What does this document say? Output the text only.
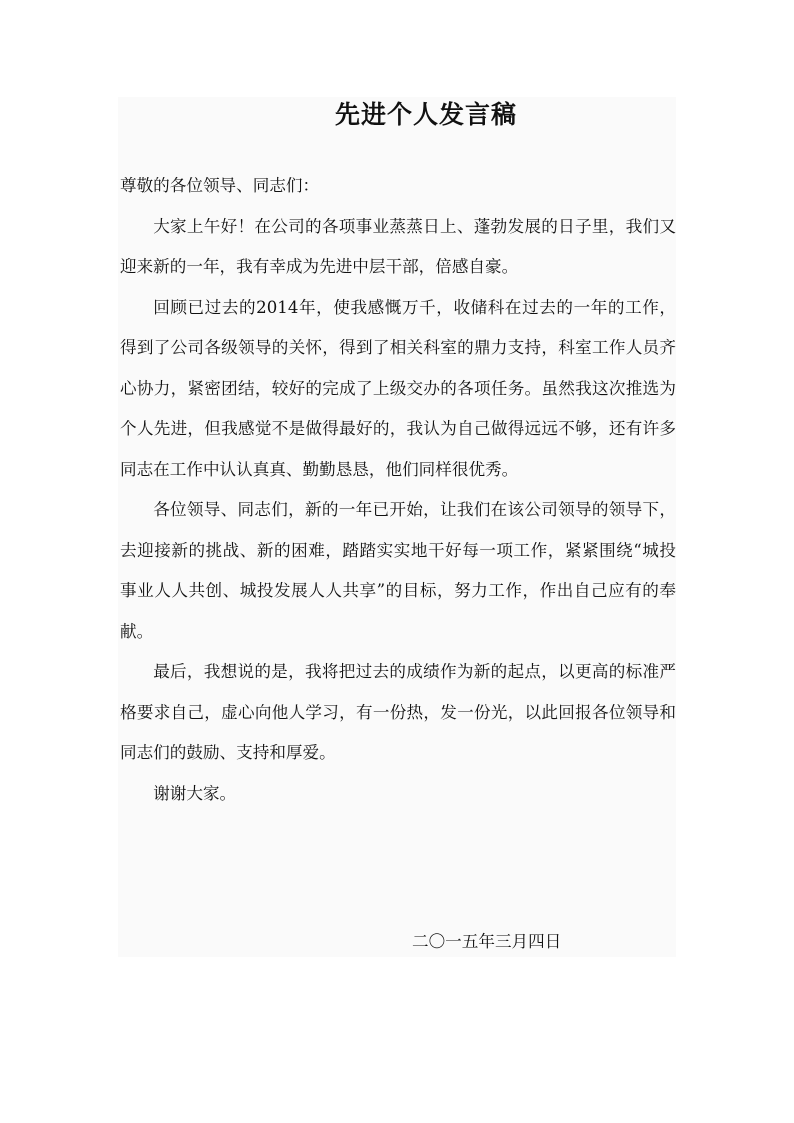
先进个人发言稿

尊敬的各位领导、同志们：

大家上午好！在公司的各项事业蒸蒸日上、蓬勃发展的日子里，我们又迎来新的一年，我有幸成为先进中层干部，倍感自豪。

回顾已过去的2014年，使我感慨万千，收储科在过去的一年的工作，得到了公司各级领导的关怀，得到了相关科室的鼎力支持，科室工作人员齐心协力，紧密团结，较好的完成了上级交办的各项任务。虽然我这次推选为个人先进，但我感觉不是做得最好的，我认为自己做得远远不够，还有许多同志在工作中认认真真、勤勤恳恳，他们同样很优秀。

各位领导、同志们，新的一年已开始，让我们在该公司领导的领导下，去迎接新的挑战、新的困难，踏踏实实地干好每一项工作，紧紧围绕“城投事业人人共创、城投发展人人共享”的目标，努力工作，作出自己应有的奉献。

最后，我想说的是，我将把过去的成绩作为新的起点，以更高的标准严格要求自己，虚心向他人学习，有一份热，发一份光，以此回报各位领导和同志们的鼓励、支持和厚爱。

谢谢大家。

二〇一五年三月四日
